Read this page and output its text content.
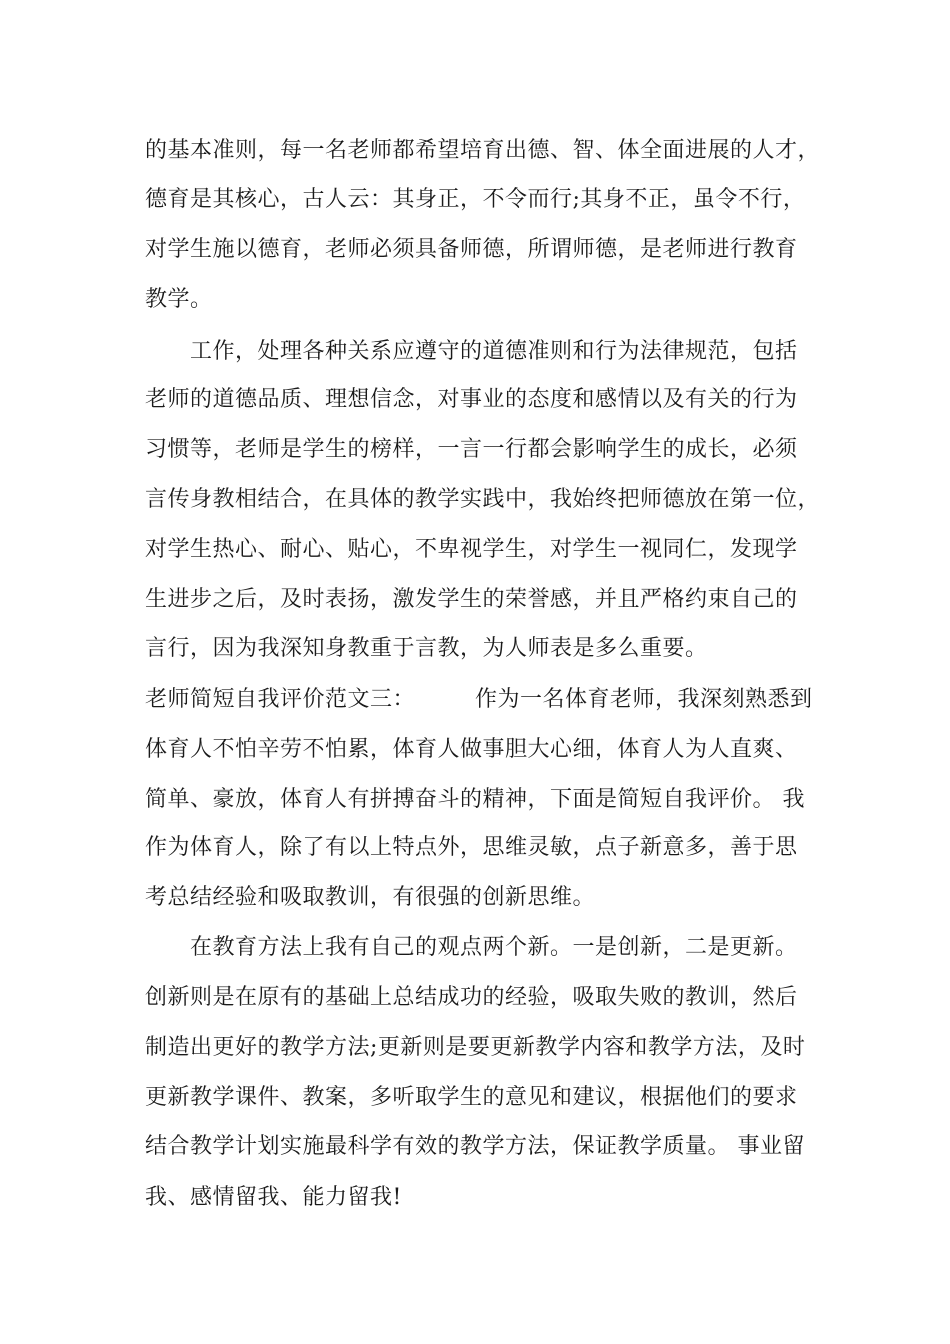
的基本准则，每一名老师都希望培育出德、智、体全面进展的人才，
德育是其核心，古人云：其身正，不令而行;其身不正，虽令不行，
对学生施以德育，老师必须具备师德，所谓师德，是老师进行教育
教学。
工作，处理各种关系应遵守的道德准则和行为法律规范，包括
老师的道德品质、理想信念，对事业的态度和感情以及有关的行为
习惯等，老师是学生的榜样，一言一行都会影响学生的成长，必须
言传身教相结合，在具体的教学实践中，我始终把师德放在第一位，
对学生热心、耐心、贴心，不卑视学生，对学生一视同仁，发现学
生进步之后，及时表扬，激发学生的荣誉感，并且严格约束自己的
言行，因为我深知身教重于言教，为人师表是多么重要。
老师简短自我评价范文三：        作为一名体育老师，我深刻熟悉到
体育人不怕辛劳不怕累，体育人做事胆大心细，体育人为人直爽、
简单、豪放，体育人有拼搏奋斗的精神，下面是简短自我评价。 我
作为体育人，除了有以上特点外，思维灵敏，点子新意多，善于思
考总结经验和吸取教训，有很强的创新思维。
在教育方法上我有自己的观点两个新。一是创新，二是更新。
创新则是在原有的基础上总结成功的经验，吸取失败的教训，然后
制造出更好的教学方法;更新则是要更新教学内容和教学方法，及时
更新教学课件、教案，多听取学生的意见和建议，根据他们的要求
结合教学计划实施最科学有效的教学方法，保证教学质量。 事业留
我、感情留我、能力留我!
